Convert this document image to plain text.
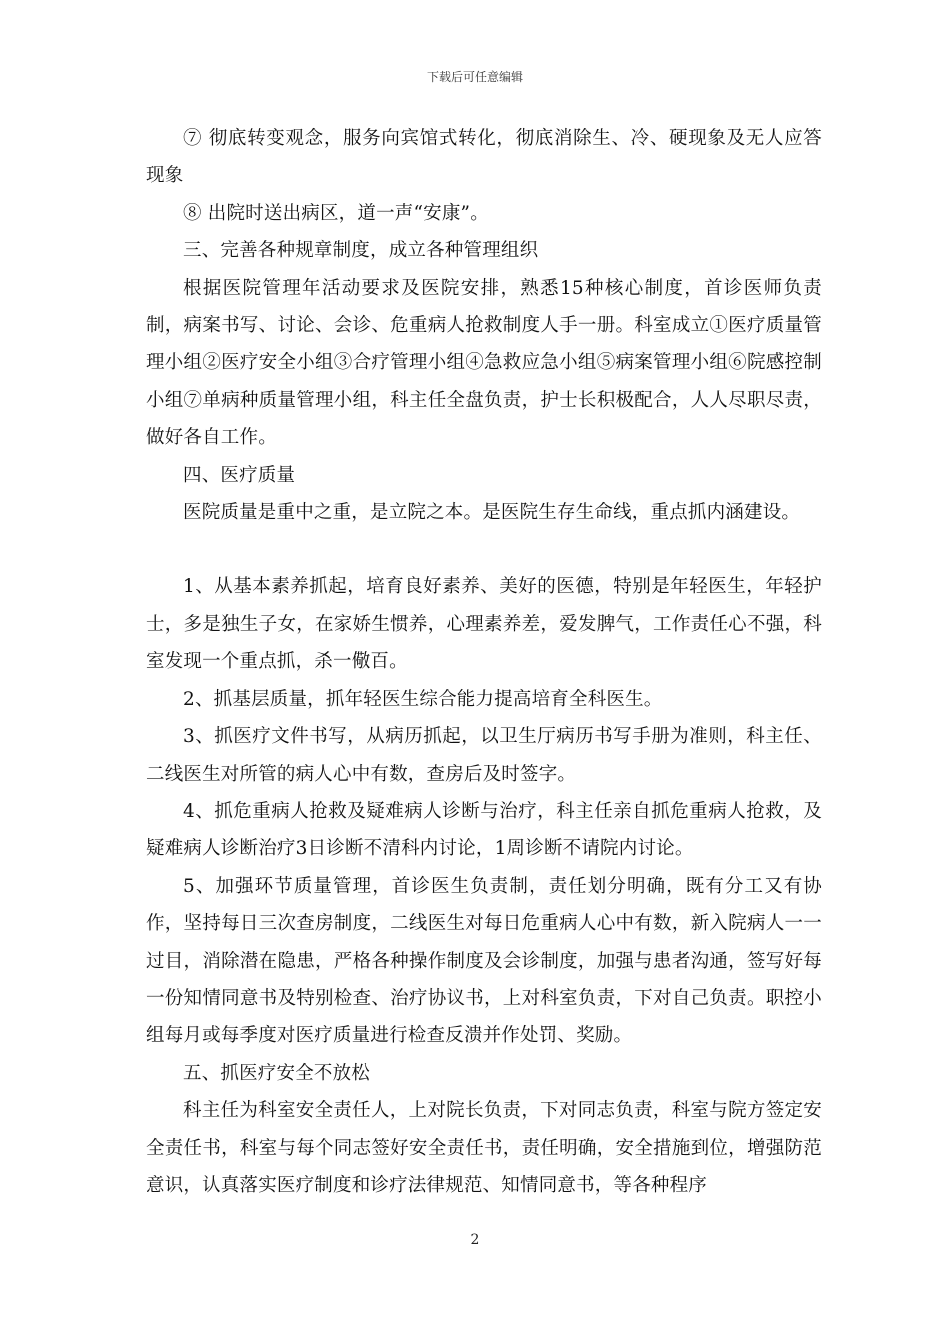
下载后可任意编辑

⑦ 彻底转变观念，服务向宾馆式转化，彻底消除生、冷、硬现象及无人应答现象

⑧ 出院时送出病区，道一声“安康”。

三、完善各种规章制度，成立各种管理组织

根据医院管理年活动要求及医院安排，熟悉15种核心制度，首诊医师负责制，病案书写、讨论、会诊、危重病人抢救制度人手一册。科室成立①医疗质量管理小组②医疗安全小组③合疗管理小组④急救应急小组⑤病案管理小组⑥院感控制小组⑦单病种质量管理小组，科主任全盘负责，护士长积极配合，人人尽职尽责，做好各自工作。

四、医疗质量

医院质量是重中之重，是立院之本。是医院生存生命线，重点抓内涵建设。

1、从基本素养抓起，培育良好素养、美好的医德，特别是年轻医生，年轻护士，多是独生子女，在家娇生惯养，心理素养差，爱发脾气，工作责任心不强，科室发现一个重点抓，杀一儆百。

2、抓基层质量，抓年轻医生综合能力提高培育全科医生。

3、抓医疗文件书写，从病历抓起，以卫生厅病历书写手册为准则，科主任、二线医生对所管的病人心中有数，查房后及时签字。

4、抓危重病人抢救及疑难病人诊断与治疗，科主任亲自抓危重病人抢救，及疑难病人诊断治疗3日诊断不清科内讨论，1周诊断不请院内讨论。

5、加强环节质量管理，首诊医生负责制，责任划分明确，既有分工又有协作，坚持每日三次查房制度，二线医生对每日危重病人心中有数，新入院病人一一过目，消除潜在隐患，严格各种操作制度及会诊制度，加强与患者沟通，签写好每一份知情同意书及特别检查、治疗协议书，上对科室负责，下对自己负责。职控小组每月或每季度对医疗质量进行检查反溃并作处罚、奖励。

五、抓医疗安全不放松

科主任为科室安全责任人，上对院长负责，下对同志负责，科室与院方签定安全责任书，科室与每个同志签好安全责任书，责任明确，安全措施到位，增强防范意识，认真落实医疗制度和诊疗法律规范、知情同意书，等各种程序

2
